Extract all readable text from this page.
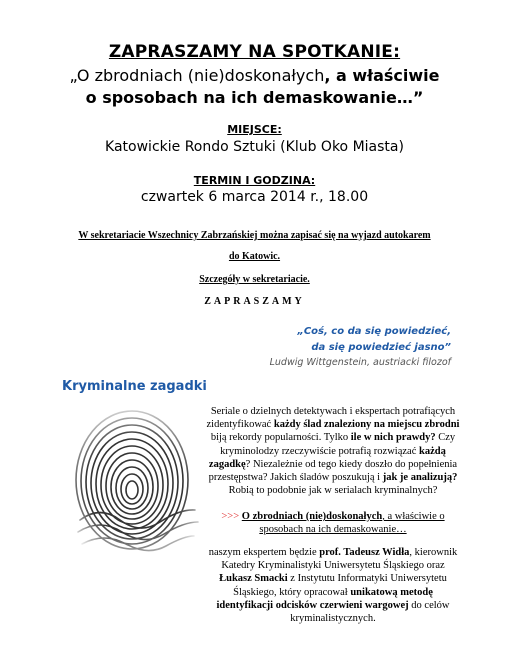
ZAPRASZAMY NA SPOTKANIE:
„O zbrodniach (nie)doskonałych, a właściwie
o sposobach na ich demaskowanie…”
MIEJSCE:
Katowickie Rondo Sztuki (Klub Oko Miasta)
TERMIN I GODZINA:
czwartek 6 marca 2014 r., 18.00
W sekretariacie Wszechnicy Zabrzańskiej można zapisać się na wyjazd autokarem
do Katowic.
Szczegóły w sekretariacie.
ZAPRASZAMY
„Coś, co da się powiedzieć,
da się powiedzieć jasno”
Ludwig Wittgenstein, austriacki filozof
Kryminalne zagadki
Seriale o dzielnych detektywach i ekspertach potrafiących zidentyfikować każdy ślad znaleziony na miejscu zbrodni biją rekordy popularności. Tylko ile w nich prawdy? Czy kryminolodzy rzeczywiście potrafią rozwiązać każdą zagadkę? Niezależnie od tego kiedy doszło do popełnienia przestępstwa? Jakich śladów poszukują i jak je analizują? Robią to podobnie jak w serialach kryminalnych?
>>> O zbrodniach (nie)doskonałych, a właściwie o sposobach na ich demaskowanie…
naszym ekspertem będzie prof. Tadeusz Widła, kierownik Katedry Kryminalistyki Uniwersytetu Śląskiego oraz Łukasz Smacki z Instytutu Informatyki Uniwersytetu Śląskiego, który opracował unikatową metodę identyfikacji odcisków czerwieni wargowej do celów kryminalistycznych.
